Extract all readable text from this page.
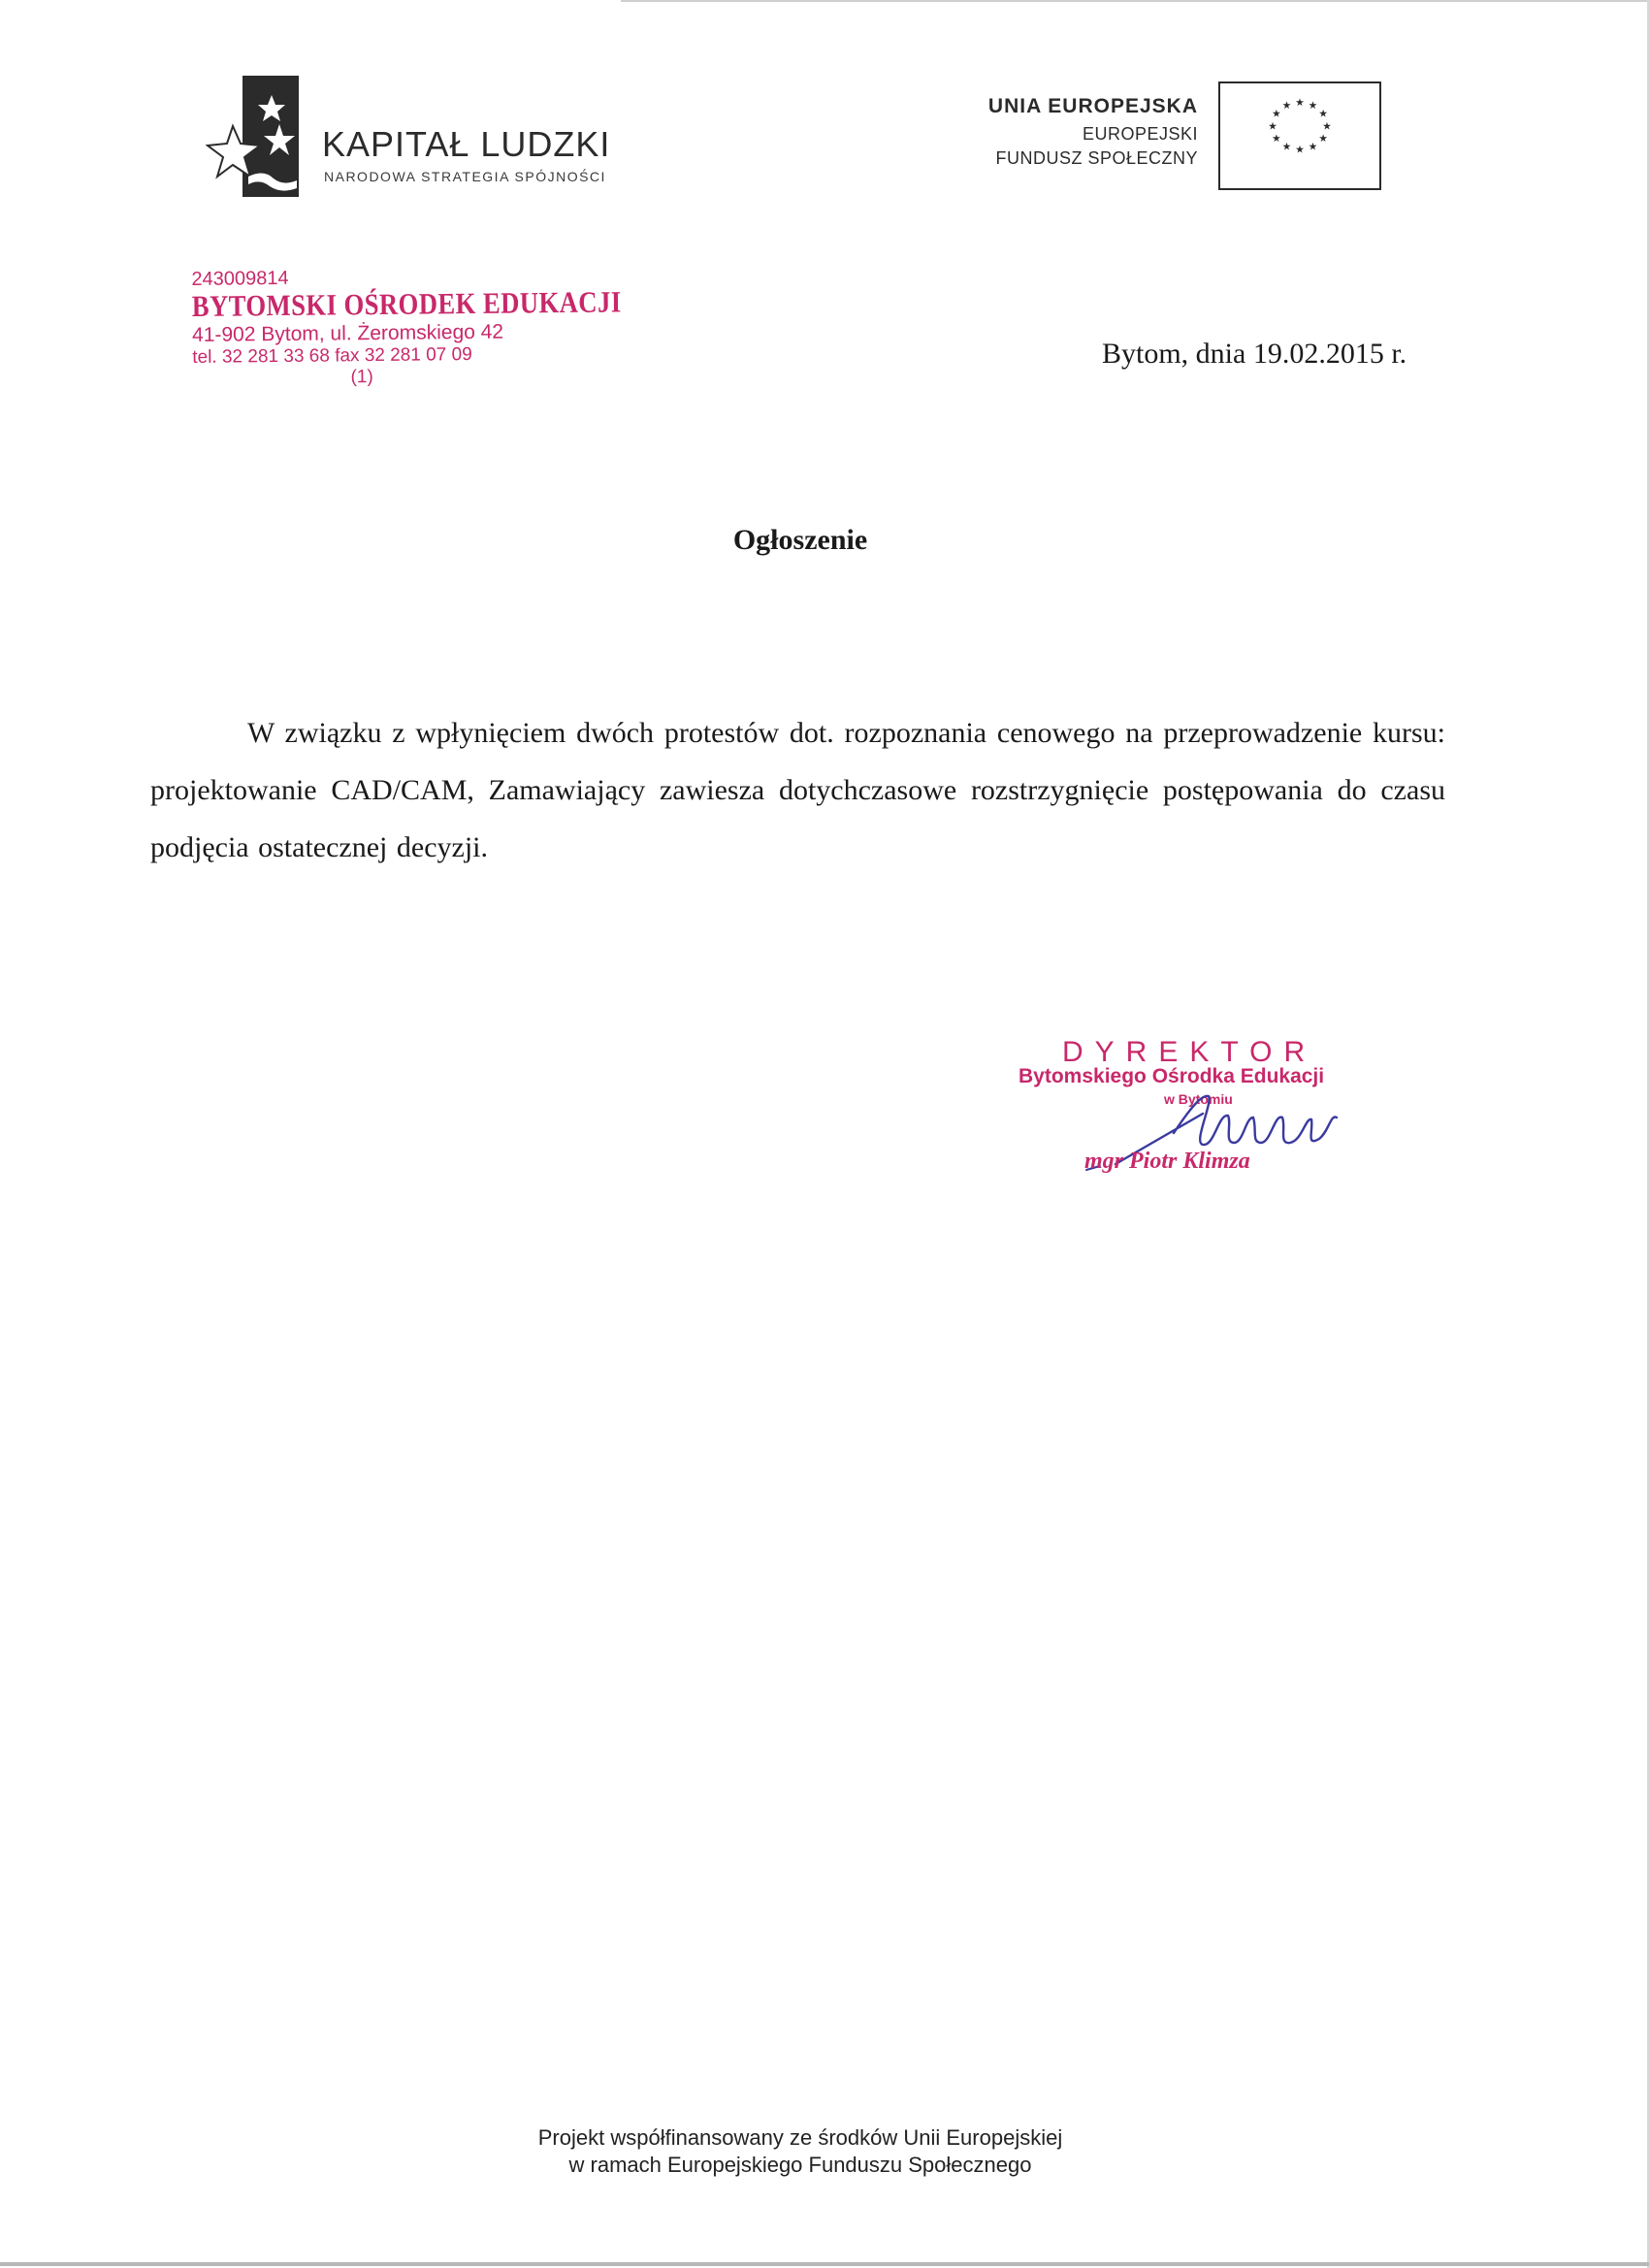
KAPITAŁ LUDZKI
NARODOWA STRATEGIA SPÓJNOŚCI
UNIA EUROPEJSKA
EUROPEJSKI
FUNDUSZ SPOŁECZNY
★ ★
★
★
★
★
★
★
★
★
★
★
243009814
BYTOMSKI OŚRODEK EDUKACJI
41-902 Bytom, ul. Żeromskiego 42
tel. 32 281 33 68 fax 32 281 07 09
(1)
Bytom, dnia 19.02.2015 r.
Ogłoszenie
W związku z wpłynięciem dwóch protestów dot. rozpoznania cenowego na przeprowadzenie kursu: projektowanie CAD/CAM, Zamawiający zawiesza dotychczasowe rozstrzygnięcie postępowania do czasu podjęcia ostatecznej decyzji.
DYREKTOR
Bytomskiego Ośrodka Edukacji
w Bytomiu
mgr Piotr Klimza
Projekt współfinansowany ze środków Unii Europejskiej
w ramach Europejskiego Funduszu Społecznego
